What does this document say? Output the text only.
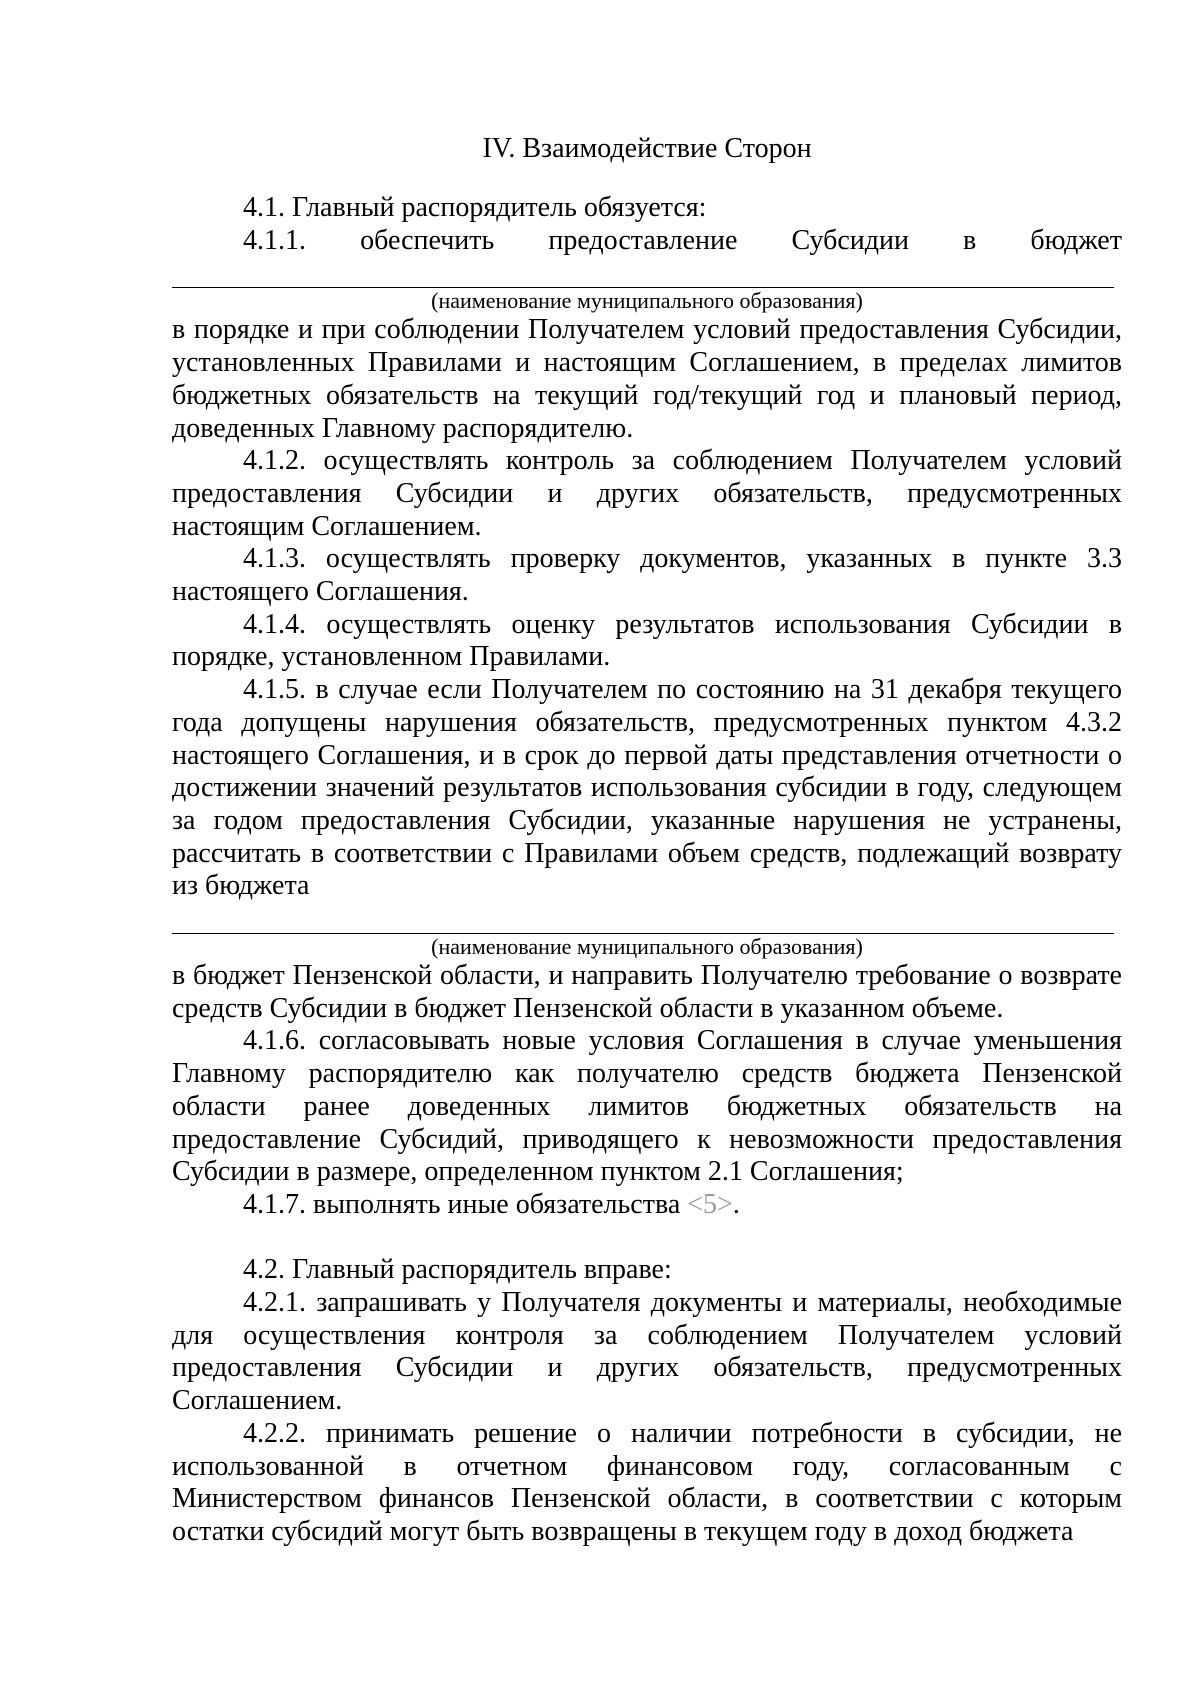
IV. Взаимодействие Сторон

4.1. Главный распорядитель обязуется:

4.1.1. обеспечить предоставление Субсидии в бюджет
(наименование муниципального образования)

в порядке и при соблюдении Получателем условий предоставления Субсидии, установленных Правилами и настоящим Соглашением, в пределах лимитов бюджетных обязательств на текущий год/текущий год и плановый период, доведенных Главному распорядителю.

4.1.2. осуществлять контроль за соблюдением Получателем условий предоставления Субсидии и других обязательств, предусмотренных настоящим Соглашением.

4.1.3. осуществлять проверку документов, указанных в пункте 3.3 настоящего Соглашения.

4.1.4. осуществлять оценку результатов использования Субсидии в порядке, установленном Правилами.

4.1.5. в случае если Получателем по состоянию на 31 декабря текущего года допущены нарушения обязательств, предусмотренных пунктом 4.3.2 настоящего Соглашения, и в срок до первой даты представления отчетности о достижении значений результатов использования субсидии в году, следующем за годом предоставления Субсидии, указанные нарушения не устранены, рассчитать в соответствии с Правилами объем средств, подлежащий возврату из бюджета

(наименование муниципального образования)

в бюджет Пензенской области, и направить Получателю требование о возврате средств Субсидии в бюджет Пензенской области в указанном объеме.

4.1.6. согласовывать новые условия Соглашения в случае уменьшения Главному распорядителю как получателю средств бюджета Пензенской области ранее доведенных лимитов бюджетных обязательств на предоставление Субсидий, приводящего к невозможности предоставления Субсидии в размере, определенном пунктом 2.1 Соглашения;

4.1.7. выполнять иные обязательства <5>.

4.2. Главный распорядитель вправе:

4.2.1. запрашивать у Получателя документы и материалы, необходимые для осуществления контроля за соблюдением Получателем условий предоставления Субсидии и других обязательств, предусмотренных Соглашением.

4.2.2. принимать решение о наличии потребности в субсидии, не использованной в отчетном финансовом году, согласованным с Министерством финансов Пензенской области, в соответствии с которым остатки субсидий могут быть возвращены в текущем году в доход бюджета
